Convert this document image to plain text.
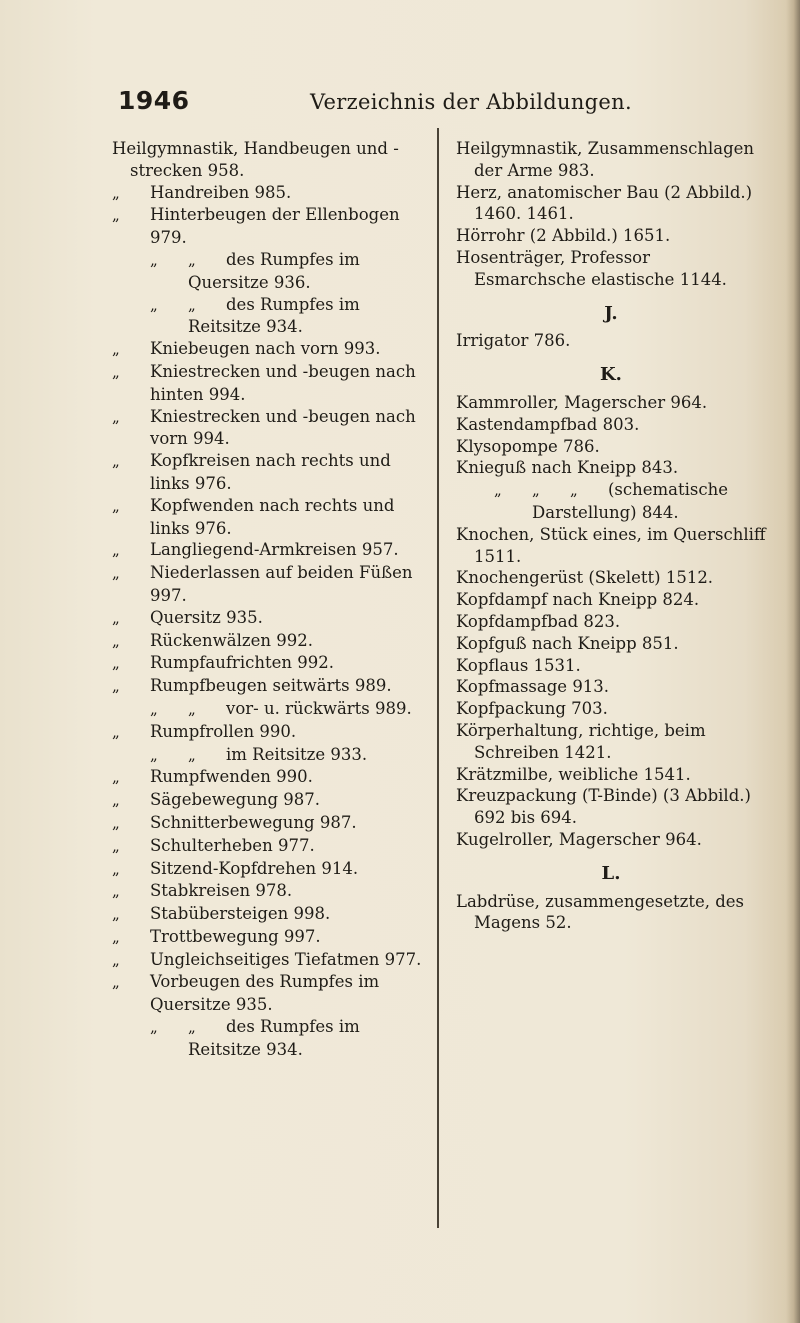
1946	Verzeichnis der Abbildungen.
Heilgymnastik, Handbeugen und -strecken 958.
„ Handreiben 985.
„ Hinterbeugen der Ellenbogen 979.
„ „ des Rumpfes im Quersitze 936.
„ „ des Rumpfes im Reitsitze 934.
„ Kniebeugen nach vorn 993.
„ Kniestrecken und -beugen nach hinten 994.
„ Kniestrecken und -beugen nach vorn 994.
„ Kopfkreisen nach rechts und links 976.
„ Kopfwenden nach rechts und links 976.
„ Langliegend-Armkreisen 957.
„ Niederlassen auf beiden Füßen 997.
„ Quersitz 935.
„ Rückenwälzen 992.
„ Rumpfaufrichten 992.
„ Rumpfbeugen seitwärts 989.
„ „ vor- u. rückwärts 989.
„ Rumpfrollen 990.
„ „ im Reitsitze 933.
„ Rumpfwenden 990.
„ Sägebewegung 987.
„ Schnitterbewegung 987.
„ Schulterheben 977.
„ Sitzend-Kopfdrehen 914.
„ Stabkreisen 978.
„ Stabübersteigen 998.
„ Trottbewegung 997.
„ Ungleichseitiges Tiefatmen 977.
„ Vorbeugen des Rumpfes im Quersitze 935.
„ „ des Rumpfes im Reitsitze 934.
Heilgymnastik, Zusammenschlagen der Arme 983.
Herz, anatomischer Bau (2 Abbild.) 1460. 1461.
Hörrohr (2 Abbild.) 1651.
Hosenträger, Professor Esmarchsche elastische 1144.
J.
Irrigator 786.
K.
Kammroller, Magerscher 964.
Kastendampfbad 803.
Klysopompe 786.
Knieguß nach Kneipp 843.
„ „ „ (schematische Darstellung) 844.
Knochen, Stück eines, im Querschliff 1511.
Knochengerüst (Skelett) 1512.
Kopfdampf nach Kneipp 824.
Kopfdampfbad 823.
Kopfguß nach Kneipp 851.
Kopflaus 1531.
Kopfmassage 913.
Kopfpackung 703.
Körperhaltung, richtige, beim Schreiben 1421.
Krätzmilbe, weibliche 1541.
Kreuzpackung (T-Binde) (3 Abbild.) 692 bis 694.
Kugelroller, Magerscher 964.
L.
Labdrüse, zusammengesetzte, des Magens 52.
